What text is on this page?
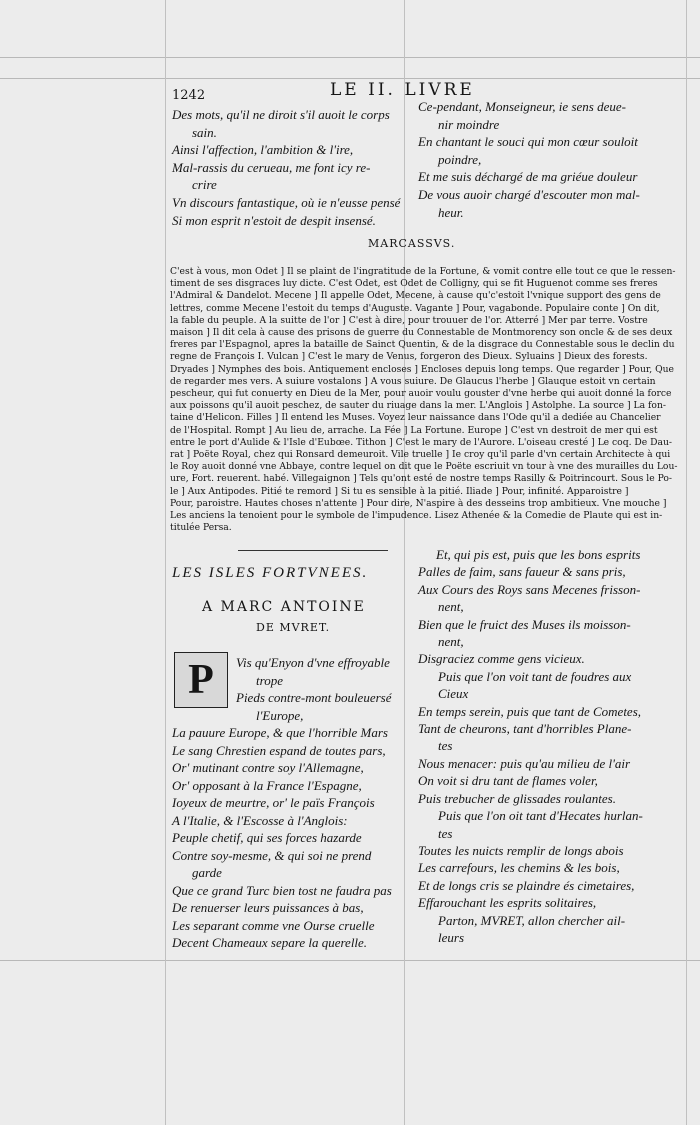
1242	LE II. LIVRE
Des mots, qu'il ne diroit s'il auoit le corps
sain.
Ainsi l'affection, l'ambition & l'ire,
Mal-rassis du cerueau, me font icy re-
crire
Vn discours fantastique, où ie n'eusse pensé
Si mon esprit n'estoit de despit insensé.
Ce-pendant, Monseigneur, ie sens deue-
nir moindre
En chantant le souci qui mon cœur souloit
poindre,
Et me suis déchargé de ma griéue douleur
De vous auoir chargé d'escouter mon mal-
heur.
MARCASSVS.

C'est à vous, mon Odet ] Il se plaint de l'ingratitude de la Fortune, & vomit contre elle tout ce que le ressen-

timent de ses disgraces luy dicte. C'est Odet, est Odet de Colligny, qui se fit Huguenot comme ses freres

l'Admiral & Dandelot. Mecene ] Il appelle Odet, Mecene, à cause qu'c'estoit l'vnique support des gens de

lettres, comme Mecene l'estoit du temps d'Auguste. Vagante ] Pour, vagabonde. Populaire conte ] On dit,

la fable du peuple. A la suitte de l'or ] C'est à dire, pour trouuer de l'or. Atterré ] Mer par terre. Vostre

maison ] Il dit cela à cause des prisons de guerre du Connestable de Montmorency son oncle & de ses deux

freres par l'Espagnol, apres la bataille de Sainct Quentin, & de la disgrace du Connestable sous le declin du

regne de François I. Vulcan ] C'est le mary de Venus, forgeron des Dieux. Syluains ] Dieux des forests.

Dryades ] Nymphes des bois. Antiquement encloses ] Encloses depuis long temps. Que regarder ] Pour, Que

de regarder mes vers. A suiure vostalons ] A vous suiure. De Glaucus l'herbe ] Glauque estoit vn certain

pescheur, qui fut conuerty en Dieu de la Mer, pour auoir voulu gouster d'vne herbe qui auoit donné la force

aux poissons qu'il auoit peschez, de sauter du riuage dans la mer. L'Anglois ] Astolphe. La source ] La fon-

taine d'Helicon. Filles ] Il entend les Muses. Voyez leur naissance dans l'Ode qu'il a dediée au Chancelier

de l'Hospital. Rompt ] Au lieu de, arrache. La Fée ] La Fortune. Europe ] C'est vn destroit de mer qui est

entre le port d'Aulide & l'Isle d'Eubœe. Tithon ] C'est le mary de l'Aurore. L'oiseau cresté ] Le coq. De Dau-

rat ] Poëte Royal, chez qui Ronsard demeuroit. Vile truelle ] Ie croy qu'il parle d'vn certain Architecte à qui

le Roy auoit donné vne Abbaye, contre lequel on dit que le Poëte escriuit vn tour à vne des murailles du Lou-

ure, Fort. reuerent. habé. Villegaignon ] Tels qu'ont esté de nostre temps Rasilly & Poitrincourt. Sous le Po-

le ] Aux Antipodes. Pitié te remord ] Si tu es sensible à la pitié. Iliade ] Pour, infinité. Apparoistre ]

Pour, paroistre. Hautes choses n'attente ] Pour dire, N'aspire à des desseins trop ambitieux. Vne mouche ]

Les anciens la tenoient pour le symbole de l'impudence. Lisez Athenée & la Comedie de Plaute qui est in-

titulée Persa.

LES ISLES FORTVNEES.
A MARC ANTOINE
DE MVRET.
P	Vis qu'Enyon d'vne effroyable
trope
Pieds contre-mont bouleuersé
l'Europe,
La pauure Europe, & que l'horrible Mars
Le sang Chrestien espand de toutes pars,
Or' mutinant contre soy l'Allemagne,
Or' opposant à la France l'Espagne,
Ioyeux de meurtre, or' le païs François
A l'Italie, & l'Escosse à l'Anglois:
Peuple chetif, qui ses forces hazarde
Contre soy-mesme, & qui soi ne prend
garde
Que ce grand Turc bien tost ne faudra pas
De renuerser leurs puissances à bas,
Les separant comme vne Ourse cruelle
Decent Chameaux separe la querelle.
Et, qui pis est, puis que les bons esprits
Palles de faim, sans faueur & sans pris,
Aux Cours des Roys sans Mecenes frisson-
nent,
Bien que le fruict des Muses ils moisson-
nent,
Disgraciez comme gens vicieux.
Puis que l'on voit tant de foudres aux
Cieux
En temps serein, puis que tant de Cometes,
Tant de cheurons, tant d'horribles Plane-
tes
Nous menacer: puis qu'au milieu de l'air
On voit si dru tant de flames voler,
Puis trebucher de glissades roulantes.
Puis que l'on oit tant d'Hecates hurlan-
tes
Toutes les nuicts remplir de longs abois
Les carrefours, les chemins & les bois,
Et de longs cris se plaindre és cimetaires,
Effarouchant les esprits solitaires,
Parton, MVRET, allon chercher ail-
leurs
